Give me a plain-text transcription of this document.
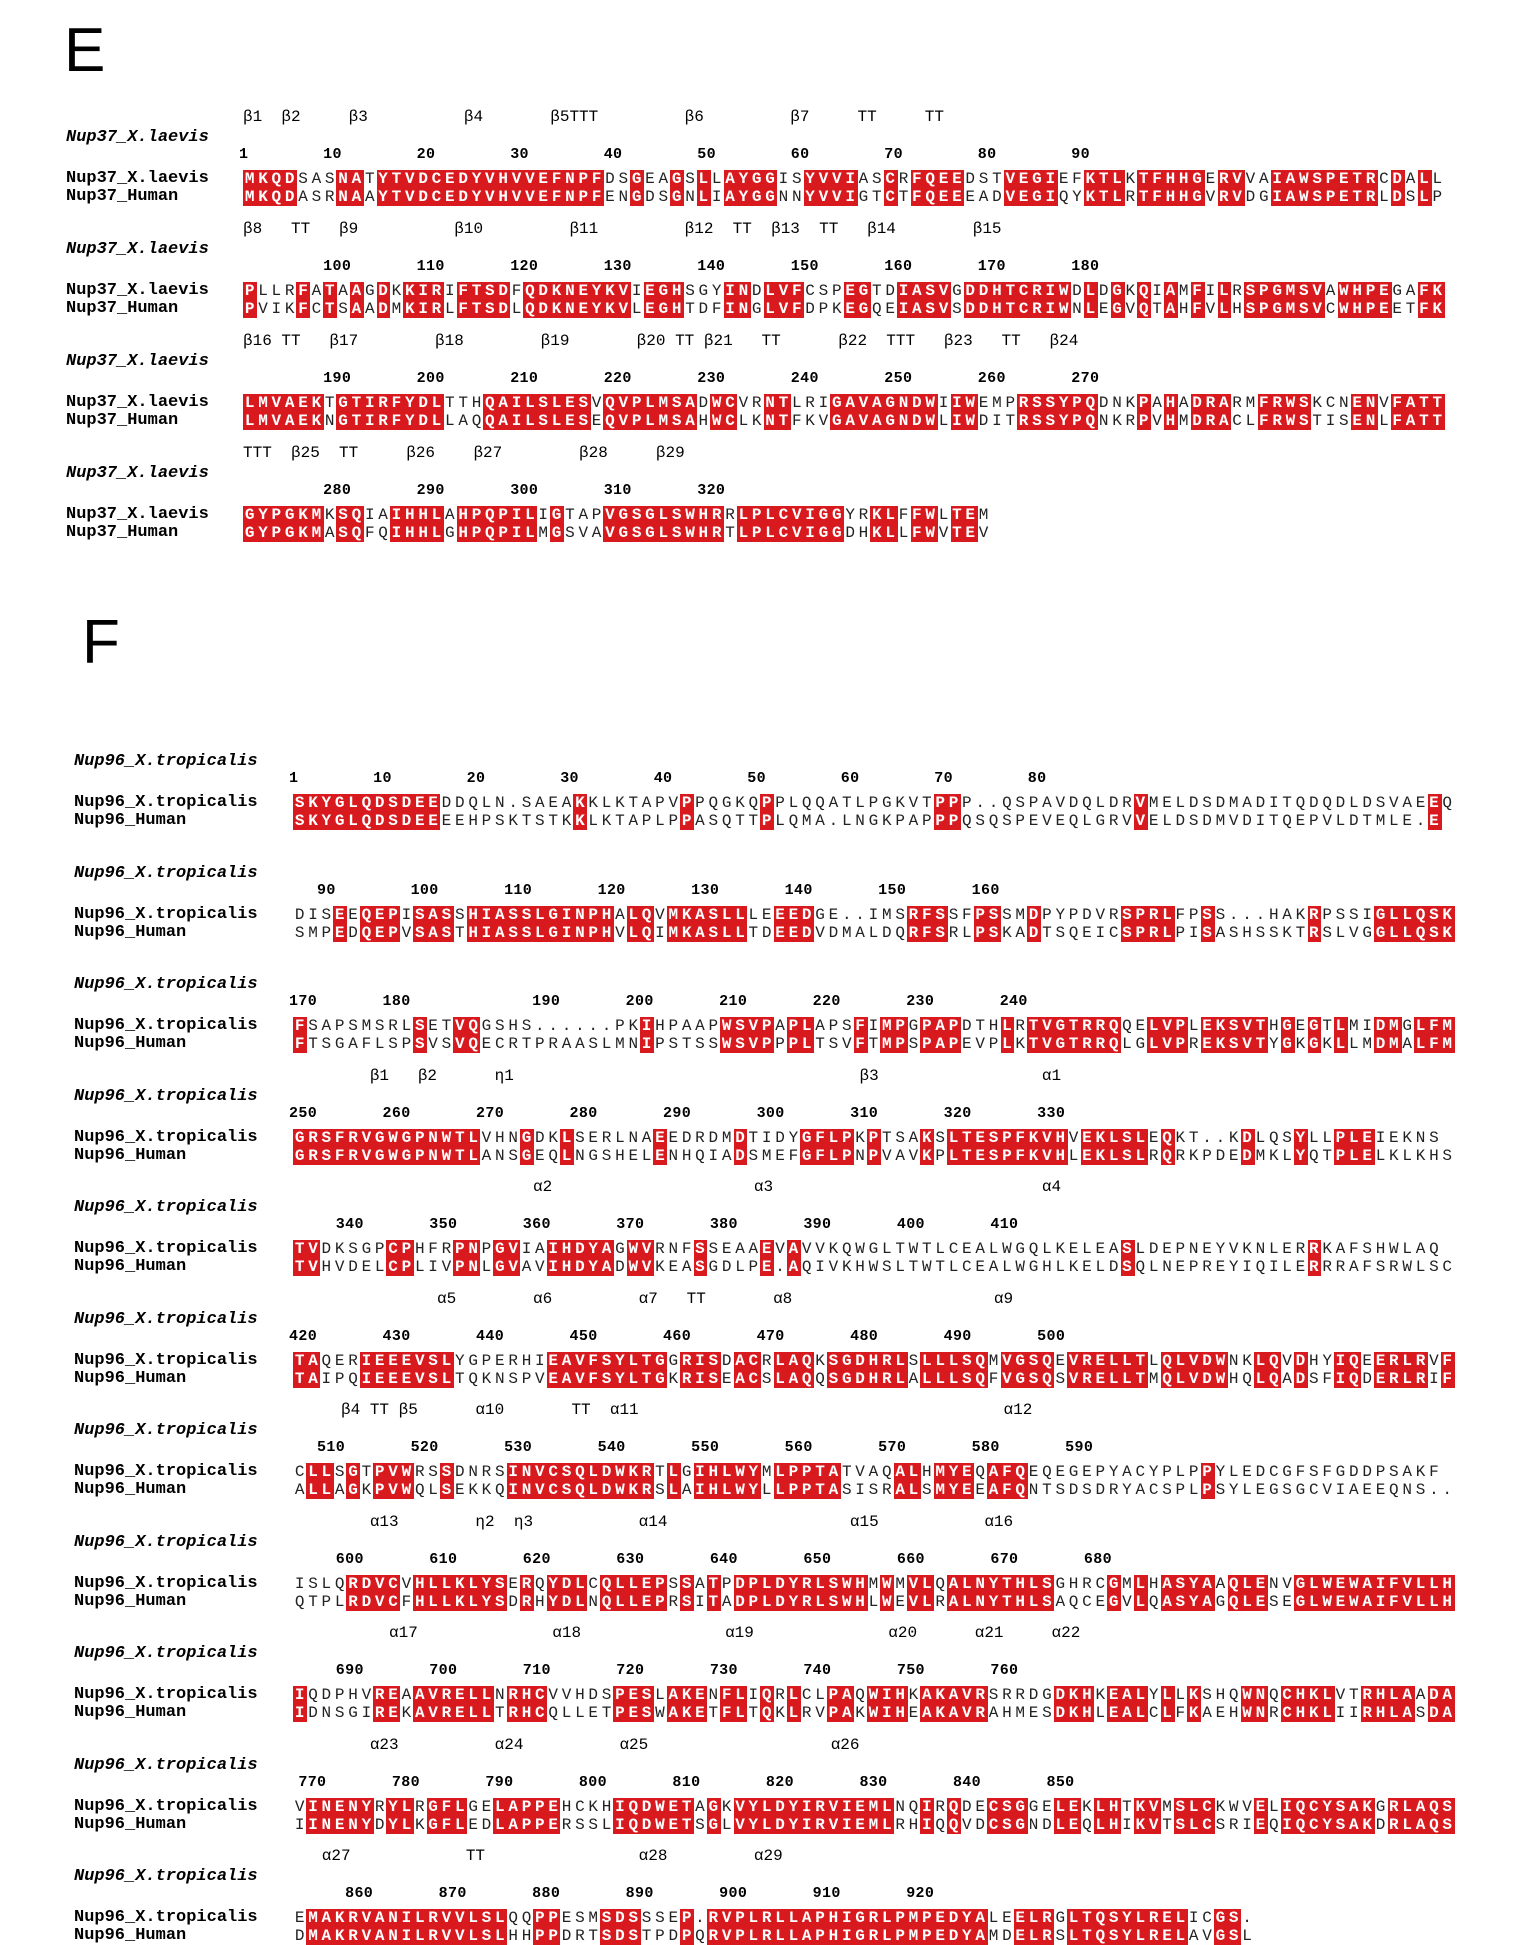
E
Nup37_X.laevis
β1  β2     β3          β4       β5TTT         β6         β7     TT     TT
1        10        20        30        40        50        60        70        80        90
Nup37_X.laevis
Nup37_Human
M K Q D S A S N A T Y T V D C E D Y V H V V E F N P F D S G E A G S L L A Y G G I S Y V V I A S C R F Q E E D S T V E G I E F K T L K T F H H G E R V V A I A W S P E T R C D A L L
M K Q D A S R N A A Y T V D C E D Y V H V V E F N P F E N G D S G N L I A Y G G N N Y V V I G T C T F Q E E E A D V E G I Q Y K T L R T F H H G V R V D G I A W S P E T R L D S L P
Nup37_X.laevis
β8   TT   β9          β10         β11         β12  TT  β13  TT   β14        β15
100       110       120       130       140       150       160       170       180
Nup37_X.laevis
Nup37_Human
P L L R F A T A A G D K K I R I F T S D F Q D K N E Y K V I E G H S G Y I N D L V F C S P E G T D I A S V G D D H T C R I W D L D G K Q I A M F I L R S P G M S V A W H P E G A F K
P V I K F C T S A A D M K I R L F T S D L Q D K N E Y K V L E G H T D F I N G L V F D P K E G Q E I A S V S D D H T C R I W N L E G V Q T A H F V L H S P G M S V C W H P E E T F K
Nup37_X.laevis
β16 TT   β17        β18        β19       β20 TT β21   TT      β22  TTT   β23   TT   β24
190       200       210       220       230       240       250       260       270
Nup37_X.laevis
Nup37_Human
L M V A E K T G T I R F Y D L T T H Q A I L S L E S V Q V P L M S A D W C V R N T L R I G A V A G N D W I I W E M P R S S Y P Q D N K P A H A D R A R M F R W S K C N E N V F A T T
L M V A E K N G T I R F Y D L L A Q Q A I L S L E S E Q V P L M S A H W C L K N T F K V G A V A G N D W L I W D I T R S S Y P Q N K R P V H M D R A C L F R W S T I S E N L F A T T
Nup37_X.laevis
TTT  β25  TT     β26    β27        β28     β29
280       290       300       310       320
Nup37_X.laevis
Nup37_Human
G Y P G K M K S Q I A I H H L A H P Q P I L I G T A P V G S G L S W H R R L P L C V I G G Y R K L F F W L T E M
G Y P G K M A S Q F Q I H H L G H P Q P I L M G S V A V G S G L S W H R T L P L C V I G G D H K L L F W V T E V
F
Nup96_X.tropicalis
1        10        20        30        40        50        60        70        80
Nup96_X.tropicalis
Nup96_Human
S K Y G L Q D S D E E D D Q L N . S A E A K K L K T A P V P P Q G K Q P P L Q Q A T L P G K V T P P P . . Q S P A V D Q L D R V M E L D S D M A D I T Q D Q D L D S V A E E Q
S K Y G L Q D S D E E E E H P S K T S T K K L K T A P L P P A S Q T T P L Q M A . L N G K P A P P P Q S Q S P E V E Q L G R V V E L D S D M V D I T Q E P V L D T M L E . E
Nup96_X.tropicalis
90        100       110       120       130       140       150       160
Nup96_X.tropicalis
Nup96_Human
D I S E E Q E P I S A S S H I A S S L G I N P H A L Q V M K A S L L L E E E D G E . . I M S R F S S F P S S M D P Y P D V R S P R L F P S S . . . H A K R P S S I G L L Q S K
S M P E D Q E P V S A S T H I A S S L G I N P H V L Q I M K A S L L T D E E D V D M A L D Q R F S R L P S K A D T S Q E I C S P R L P I S A S H S S K T R S L V G G L L Q S K
Nup96_X.tropicalis
170       180             190       200       210       220       230       240
Nup96_X.tropicalis
Nup96_Human
F S A P S M S R L S E T V Q G S H S . . . . . . P K I H P A A P W S V P A P L A P S F I M P G P A P D T H L R T V G T R R Q Q E L V P L E K S V T H G E G T L M I D M G L F M
F T S G A F L S P S V S V Q E C R T P R A A S L M N I P S T S S W S V P P P L T S V F T M P S P A P E V P L K T V G T R R Q L G L V P R E K S V T Y G K G K L L M D M A L F M
Nup96_X.tropicalis
β1   β2      η1                                    β3                 α1
250       260       270       280       290       300       310       320       330
Nup96_X.tropicalis
Nup96_Human
G R S F R V G W G P N W T L V H N G D K L S E R L N A E E D R D M D T I D Y G F L P K P T S A K S L T E S P F K V H V E K L S L E Q K T . . K D L Q S Y L L P L E I E K N S
G R S F R V G W G P N W T L A N S G E Q L N G S H E L E N H Q I A D S M E F G F L P N P V A V K P L T E S P F K V H L E K L S L R Q R K P D E D M K L Y Q T P L E L K L K H S
Nup96_X.tropicalis
α2                     α3                            α4
340       350       360       370       380       390       400       410
Nup96_X.tropicalis
Nup96_Human
T V D K S G P C P H F R P N P G V I A I H D Y A G W V R N F S S E A A E V A V V K Q W G L T W T L C E A L W G Q L K E L E A S L D E P N E Y V K N L E R R K A F S H W L A Q
T V H V D E L C P L I V P N L G V A V I H D Y A D W V K E A S G D L P E . A Q I V K H W S L T W T L C E A L W G H L K E L D S Q L N E P R E Y I Q I L E R R R A F S R W L S C
Nup96_X.tropicalis
α5        α6         α7   TT       α8                     α9
420       430       440       450       460       470       480       490       500
Nup96_X.tropicalis
Nup96_Human
T A Q E R I E E E V S L Y G P E R H I E A V F S Y L T G G R I S D A C R L A Q K S G D H R L S L L L S Q M V G S Q E V R E L L T L Q L V D W N K L Q V D H Y I Q E E R L R V F
T A I P Q I E E E V S L T Q K N S P V E A V F S Y L T G K R I S E A C S L A Q Q S G D H R L A L L L S Q F V G S Q S V R E L L T M Q L V D W H Q L Q A D S F I Q D E R L R I F
Nup96_X.tropicalis
β4 TT β5      α10       TT  α11                                      α12
510       520       530       540       550       560       570       580       590
Nup96_X.tropicalis
Nup96_Human
C L L S G T P V W R S S D N R S I N V C S Q L D W K R T L G I H L W Y M L P P T A T V A Q A L H M Y E Q A F Q E Q E G E P Y A C Y P L P P Y L E D C G F S F G D D P S A K F
A L L A G K P V W Q L S E K K Q I N V C S Q L D W K R S L A I H L W Y L L P P T A S I S R A L S M Y E E A F Q N T S D S D R Y A C S P L P S Y L E G S G C V I A E E Q N S . .
Nup96_X.tropicalis
α13        η2  η3           α14                   α15           α16
600       610       620       630       640       650       660       670       680
Nup96_X.tropicalis
Nup96_Human
I S L Q R D V C V H L L K L Y S E R Q Y D L C Q L L E P S S A T P D P L D Y R L S W H M W M V L Q A L N Y T H L S G H R C G M L H A S Y A A Q L E N V G L W E W A I F V L L H
Q T P L R D V C F H L L K L Y S D R H Y D L N Q L L E P R S I T A D P L D Y R L S W H L W E V L R A L N Y T H L S A Q C E G V L Q A S Y A G Q L E S E G L W E W A I F V L L H
Nup96_X.tropicalis
α17              α18               α19              α20      α21     α22
690       700       710       720       730       740       750       760
Nup96_X.tropicalis
Nup96_Human
I Q D P H V R E A A V R E L L N R H C V V H D S P E S L A K E N F L I Q R L C L P A Q W I H K A K A V R S R R D G D K H K E A L Y L L K S H Q W N Q C H K L V T R H L A A D A
I D N S G I R E K A V R E L L T R H C Q L L E T P E S W A K E T F L T Q K L R V P A K W I H E A K A V R A H M E S D K H L E A L C L F K A E H W N R C H K L I I R H L A S D A
Nup96_X.tropicalis
α23          α24          α25                   α26
770       780       790       800       810       820       830       840       850
Nup96_X.tropicalis
Nup96_Human
V I N E N Y R Y L R G F L G E L A P P E H C K H I Q D W E T A G K V Y L D Y I R V I E M L N Q I R Q D E C S G G E L E K L H T K V M S L C K W V E L I Q C Y S A K G R L A Q S
I I N E N Y D Y L K G F L E D L A P P E R S S L I Q D W E T S G L V Y L D Y I R V I E M L R H I Q Q V D C S G N D L E Q L H I K V T S L C S R I E Q I Q C Y S A K D R L A Q S
Nup96_X.tropicalis
α27            TT                α28         α29
860       870       880       890       900       910       920
Nup96_X.tropicalis
Nup96_Human
E M A K R V A N I L R V V L S L Q Q P P E S M S D S S S E P . R V P L R L L A P H I G R L P M P E D Y A L E E L R G L T Q S Y L R E L I C G S .
D M A K R V A N I L R V V L S L H H P P D R T S D S T P D P Q R V P L R L L A P H I G R L P M P E D Y A M D E L R S L T Q S Y L R E L A V G S L
